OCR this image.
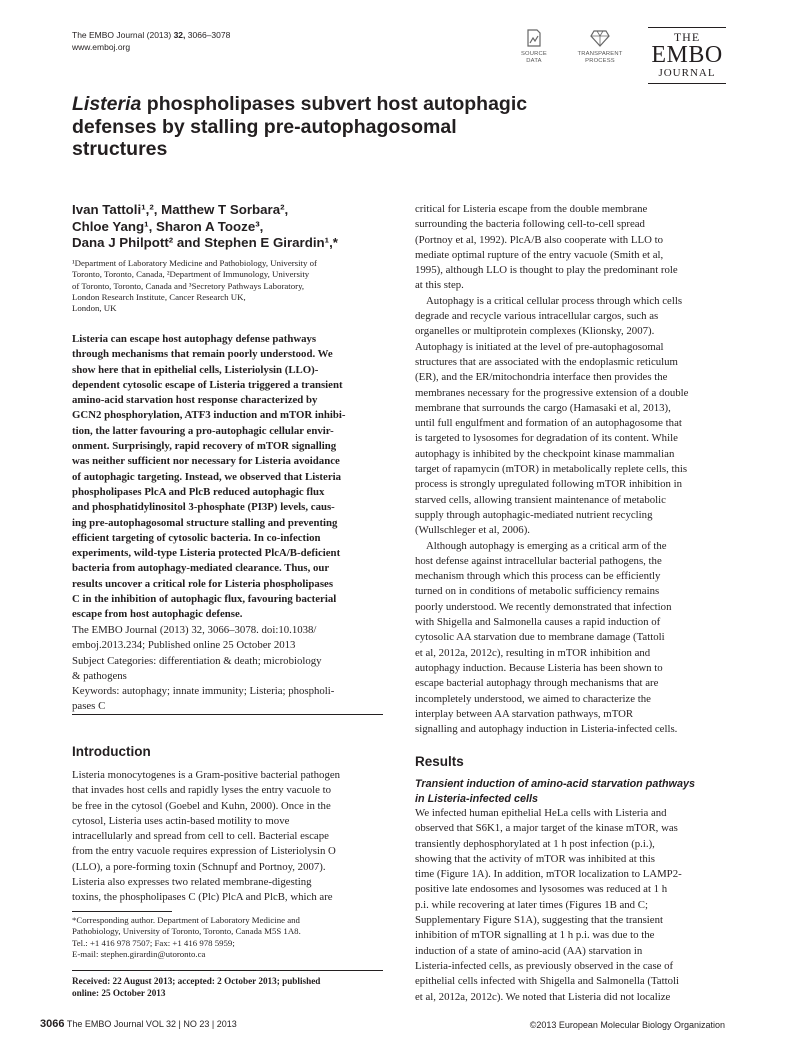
The EMBO Journal (2013) 32, 3066–3078
www.emboj.org
SOURCE
DATA
TRANSPARENT
PROCESS
THE
EMBO
JOURNAL
Listeria phospholipases subvert host autophagic
defenses by stalling pre-autophagosomal
structures
Ivan Tattoli¹,², Matthew T Sorbara²,
Chloe Yang¹, Sharon A Tooze³,
Dana J Philpott² and Stephen E Girardin¹,*
¹Department of Laboratory Medicine and Pathobiology, University of
Toronto, Toronto, Canada, ²Department of Immunology, University
of Toronto, Toronto, Canada and ³Secretory Pathways Laboratory,
London Research Institute, Cancer Research UK,
London, UK

Listeria can escape host autophagy defense pathways

through mechanisms that remain poorly understood. We

show here that in epithelial cells, Listeriolysin (LLO)-

dependent cytosolic escape of Listeria triggered a transient

amino-acid starvation host response characterized by

GCN2 phosphorylation, ATF3 induction and mTOR inhibi-

tion, the latter favouring a pro-autophagic cellular envir-

onment. Surprisingly, rapid recovery of mTOR signalling

was neither sufficient nor necessary for Listeria avoidance

of autophagic targeting. Instead, we observed that Listeria

phospholipases PlcA and PlcB reduced autophagic flux

and phosphatidylinositol 3-phosphate (PI3P) levels, caus-

ing pre-autophagosomal structure stalling and preventing

efficient targeting of cytosolic bacteria. In co-infection

experiments, wild-type Listeria protected PlcA/B-deficient

bacteria from autophagy-mediated clearance. Thus, our

results uncover a critical role for Listeria phospholipases

C in the inhibition of autophagic flux, favouring bacterial

escape from host autophagic defense.

The EMBO Journal (2013) 32, 3066–3078. doi:10.1038/

emboj.2013.234; Published online 25 October 2013

Subject Categories: differentiation & death; microbiology

& pathogens

Keywords: autophagy; innate immunity; Listeria; phospholi-

pases C

Introduction

Listeria monocytogenes is a Gram-positive bacterial pathogen

that invades host cells and rapidly lyses the entry vacuole to

be free in the cytosol (Goebel and Kuhn, 2000). Once in the

cytosol, Listeria uses actin-based motility to move

intracellularly and spread from cell to cell. Bacterial escape

from the entry vacuole requires expression of Listeriolysin O

(LLO), a pore-forming toxin (Schnupf and Portnoy, 2007).

Listeria also expresses two related membrane-digesting

toxins, the phospholipases C (Plc) PlcA and PlcB, which are

*Corresponding author. Department of Laboratory Medicine and
Pathobiology, University of Toronto, Toronto, Canada M5S 1A8.
Tel.: +1 416 978 7507; Fax: +1 416 978 5959;
E-mail: stephen.girardin@utoronto.ca
Received: 22 August 2013; accepted: 2 October 2013; published
online: 25 October 2013

critical for Listeria escape from the double membrane

surrounding the bacteria following cell-to-cell spread

(Portnoy et al, 1992). PlcA/B also cooperate with LLO to

mediate optimal rupture of the entry vacuole (Smith et al,

1995), although LLO is thought to play the predominant role

at this step.

Autophagy is a critical cellular process through which cells

degrade and recycle various intracellular cargos, such as

organelles or multiprotein complexes (Klionsky, 2007).

Autophagy is initiated at the level of pre-autophagosomal

structures that are associated with the endoplasmic reticulum

(ER), and the ER/mitochondria interface then provides the

membranes necessary for the progressive extension of a double

membrane that surrounds the cargo (Hamasaki et al, 2013),

until full engulfment and formation of an autophagosome that

is targeted to lysosomes for degradation of its content. While

autophagy is inhibited by the checkpoint kinase mammalian

target of rapamycin (mTOR) in metabolically replete cells, this

process is strongly upregulated following mTOR inhibition in

starved cells, allowing transient maintenance of metabolic

supply through autophagic-mediated nutrient recycling

(Wullschleger et al, 2006).

Although autophagy is emerging as a critical arm of the

host defense against intracellular bacterial pathogens, the

mechanism through which this process can be efficiently

turned on in conditions of metabolic sufficiency remains

poorly understood. We recently demonstrated that infection

with Shigella and Salmonella causes a rapid induction of

cytosolic AA starvation due to membrane damage (Tattoli

et al, 2012a, 2012c), resulting in mTOR inhibition and

autophagy induction. Because Listeria has been shown to

escape bacterial autophagy through mechanisms that are

incompletely understood, we aimed to characterize the

interplay between AA starvation pathways, mTOR

signalling and autophagy induction in Listeria-infected cells.

Results
Transient induction of amino-acid starvation pathways
in Listeria-infected cells

We infected human epithelial HeLa cells with Listeria and

observed that S6K1, a major target of the kinase mTOR, was

transiently dephosphorylated at 1 h post infection (p.i.),

showing that the activity of mTOR was inhibited at this

time (Figure 1A). In addition, mTOR localization to LAMP2-

positive late endosomes and lysosomes was reduced at 1 h

p.i. while recovering at later times (Figures 1B and C;

Supplementary Figure S1A), suggesting that the transient

inhibition of mTOR signalling at 1 h p.i. was due to the

induction of a state of amino-acid (AA) starvation in

Listeria-infected cells, as previously observed in the case of

epithelial cells infected with Shigella and Salmonella (Tattoli

et al, 2012a, 2012c). We noted that Listeria did not localize

3066 The EMBO Journal VOL 32 | NO 23 | 2013	©2013 European Molecular Biology Organization
